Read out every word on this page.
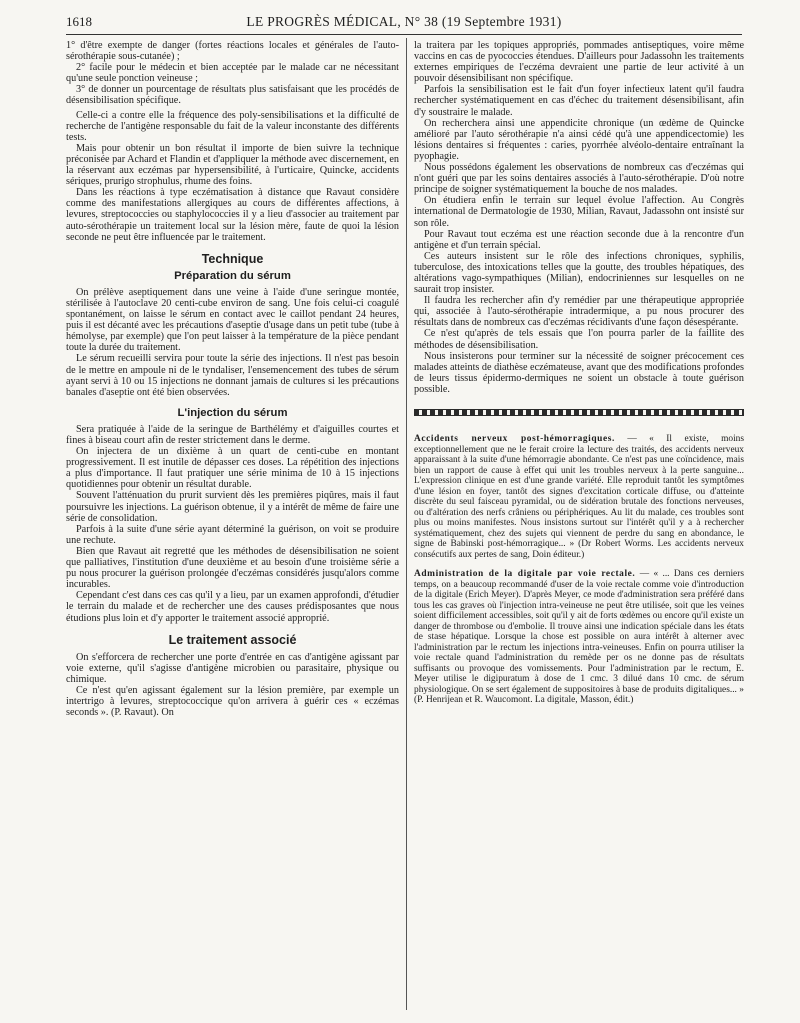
1618	LE PROGRÈS MÉDICAL, N° 38 (19 Septembre 1931)

1° d'être exempte de danger (fortes réactions locales et générales de l'auto-sérothérapie sous-cutanée) ;

2° facile pour le médecin et bien acceptée par le malade car ne nécessitant qu'une seule ponction veineuse ;

3° de donner un pourcentage de résultats plus satisfaisant que les procédés de désensibilisation spécifique.

Celle-ci a contre elle la fréquence des poly-sensibilisations et la difficulté de recherche de l'antigène responsable du fait de la valeur inconstante des différents tests.

Mais pour obtenir un bon résultat il importe de bien suivre la technique préconisée par Achard et Flandin et d'appliquer la méthode avec discernement, en la réservant aux eczémas par hypersensibilité, à l'urticaire, Quincke, accidents sériques, prurigo strophulus, rhume des foins.

Dans les réactions à type eczématisation à distance que Ravaut considère comme des manifestations allergiques au cours de différentes affections, à levures, streptococcies ou staphylococcies il y a lieu d'associer au traitement par auto-sérothérapie un traitement local sur la lésion mère, faute de quoi la lésion seconde ne peut être influencée par le traitement.

Technique
Préparation du sérum

On prélève aseptiquement dans une veine à l'aide d'une seringue montée, stérilisée à l'autoclave 20 centi-cube environ de sang. Une fois celui-ci coagulé spontanément, on laisse le sérum en contact avec le caillot pendant 24 heures, puis il est décanté avec les précautions d'aseptie d'usage dans un petit tube (tube à hémolyse, par exemple) que l'on peut laisser à la température de la pièce pendant toute la durée du traitement.

Le sérum recueilli servira pour toute la série des injections. Il n'est pas besoin de le mettre en ampoule ni de le tyndaliser, l'ensemencement des tubes de sérum ayant servi à 10 ou 15 injections ne donnant jamais de cultures si les précautions banales d'aseptie ont été bien observées.

L'injection du sérum

Sera pratiquée à l'aide de la seringue de Barthélémy et d'aiguilles courtes et fines à biseau court afin de rester strictement dans le derme.

On injectera de un dixième à un quart de centi-cube en montant progressivement. Il est inutile de dépasser ces doses. La répétition des injections a plus d'importance. Il faut pratiquer une série minima de 10 à 15 injections quotidiennes pour obtenir un résultat durable.

Souvent l'atténuation du prurit survient dès les premières piqûres, mais il faut poursuivre les injections. La guérison obtenue, il y a intérêt de même de faire une série de consolidation.

Parfois à la suite d'une série ayant déterminé la guérison, on voit se produire une rechute.

Bien que Ravaut ait regretté que les méthodes de désensibilisation ne soient que palliatives, l'institution d'une deuxième et au besoin d'une troisième série a pu nous procurer la guérison prolongée d'eczémas considérés jusqu'alors comme incurables.

Cependant c'est dans ces cas qu'il y a lieu, par un examen approfondi, d'étudier le terrain du malade et de rechercher une des causes prédisposantes que nous étudions plus loin et d'y apporter le traitement associé approprié.

Le traitement associé

On s'efforcera de rechercher une porte d'entrée en cas d'antigène agissant par voie externe, qu'il s'agisse d'antigène microbien ou parasitaire, physique ou chimique.

Ce n'est qu'en agissant également sur la lésion première, par exemple un intertrigo à levures, streptococcique qu'on arrivera à guérir ces « eczémas seconds ». (P. Ravaut). On

la traitera par les topiques appropriés, pommades antiseptiques, voire même vaccins en cas de pyococcies étendues. D'ailleurs pour Jadassohn les traitements externes empiriques de l'eczéma devraient une partie de leur activité à un pouvoir désensibilisant non spécifique.

Parfois la sensibilisation est le fait d'un foyer infectieux latent qu'il faudra rechercher systématiquement en cas d'échec du traitement désensibilisant, afin d'y soustraire le malade.

On recherchera ainsi une appendicite chronique (un œdème de Quincke amélioré par l'auto sérothérapie n'a ainsi cédé qu'à une appendicectomie) les lésions dentaires si fréquentes : caries, pyorrhée alvéolo-dentaire entraînant la pyophagie.

Nous possédons également les observations de nombreux cas d'eczémas qui n'ont guéri que par les soins dentaires associés à l'auto-sérothérapie. D'où notre principe de soigner systématiquement la bouche de nos malades.

On étudiera enfin le terrain sur lequel évolue l'affection. Au Congrès international de Dermatologie de 1930, Milian, Ravaut, Jadassohn ont insisté sur son rôle.

Pour Ravaut tout eczéma est une réaction seconde due à la rencontre d'un antigène et d'un terrain spécial.

Ces auteurs insistent sur le rôle des infections chroniques, syphilis, tuberculose, des intoxications telles que la goutte, des troubles hépatiques, des altérations vago-sympathiques (Milian), endocriniennes sur lesquelles on ne saurait trop insister.

Il faudra les rechercher afin d'y remédier par une thérapeutique appropriée qui, associée à l'auto-sérothérapie intradermique, a pu nous procurer des résultats dans de nombreux cas d'eczémas récidivants d'une façon désespérante.

Ce n'est qu'après de tels essais que l'on pourra parler de la faillite des méthodes de désensibilisation.

Nous insisterons pour terminer sur la nécessité de soigner précocement ces malades atteints de diathèse eczémateuse, avant que des modifications profondes de leurs tissus épidermo-dermiques ne soient un obstacle à toute guérison possible.

Accidents nerveux post-hémorragiques. — « Il existe, moins exceptionnellement que ne le ferait croire la lecture des traités, des accidents nerveux apparaissant à la suite d'une hémorragie abondante. Ce n'est pas une coïncidence, mais bien un rapport de cause à effet qui unit les troubles nerveux à la perte sanguine... L'expression clinique en est d'une grande variété. Elle reproduit tantôt les symptômes d'une lésion en foyer, tantôt des signes d'excitation corticale diffuse, ou d'atteinte discrète du seul faisceau pyramidal, ou de sidération brutale des fonctions nerveuses, ou d'altération des nerfs crâniens ou périphériques. Au lit du malade, ces troubles sont plus ou moins manifestes. Nous insistons surtout sur l'intérêt qu'il y a à rechercher systématiquement, chez des sujets qui viennent de perdre du sang en abondance, le signe de Babinski post-hémorragique... » (Dr Robert Worms. Les accidents nerveux consécutifs aux pertes de sang, Doin éditeur.)

Administration de la digitale par voie rectale. — « ... Dans ces derniers temps, on a beaucoup recommandé d'user de la voie rectale comme voie d'introduction de la digitale (Erich Meyer). D'après Meyer, ce mode d'administration sera préféré dans tous les cas graves où l'injection intra-veineuse ne peut être utilisée, soit que les veines soient difficilement accessibles, soit qu'il y ait de forts œdèmes ou encore qu'il existe un danger de thrombose ou d'embolie. Il trouve ainsi une indication spéciale dans les états de stase hépatique. Lorsque la chose est possible on aura intérêt à alterner avec l'administration par le rectum les injections intra-veineuses. Enfin on pourra utiliser la voie rectale quand l'administration du remède per os ne donne pas de résultats suffisants ou provoque des vomissements. Pour l'administration par le rectum, E. Meyer utilise le digipuratum à dose de 1 cmc. 3 dilué dans 10 cmc. de sérum physiologique. On se sert également de suppositoires à base de produits digitaliques... » (P. Henrijean et R. Waucomont. La digitale, Masson, édit.)
